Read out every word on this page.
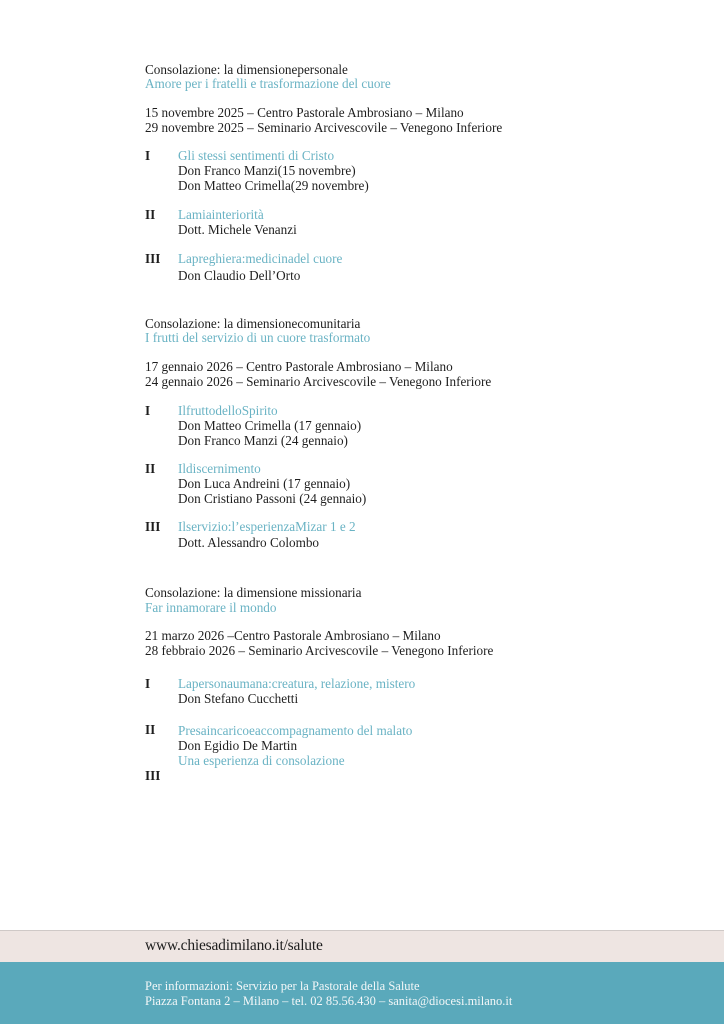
Consolazione: la dimensionepersonale
Amore per i fratelli e trasformazione del cuore
15 novembre 2025 – Centro Pastorale Ambrosiano – Milano
29 novembre 2025 – Seminario Arcivescovile – Venegono Inferiore
I Gli stessi sentimenti di Cristo
Don Franco Manzi(15 novembre)
Don Matteo Crimella(29 novembre)
II Lamiainteriorità
Dott. Michele Venanzi
III Lapreghiera:medicinadel cuore
Don Claudio Dell’Orto
Consolazione: la dimensionecomunitaria
I frutti del servizio di un cuore trasformato
17 gennaio 2026 – Centro Pastorale Ambrosiano – Milano
24 gennaio 2026 – Seminario Arcivescovile – Venegono Inferiore
I IlfruttodelloSpirito
Don Matteo Crimella (17 gennaio)
Don Franco Manzi (24 gennaio)
II Ildiscernimento
Don Luca Andreini (17 gennaio)
Don Cristiano Passoni (24 gennaio)
III Ilservizio:l’esperienzaMizar 1 e 2
Dott. Alessandro Colombo
Consolazione: la dimensione missionaria
Far innamorare il mondo
21 marzo 2026 –Centro Pastorale Ambrosiano – Milano
28 febbraio 2026 – Seminario Arcivescovile – Venegono Inferiore
I Lapersonaumana:creatura, relazione, mistero
Don Stefano Cucchetti
II Presaincaricoeaccompagnamento del malato
Don Egidio De Martin
Una esperienza di consolazione
III
www.chiesadimilano.it/salute
Per informazioni: Servizio per la Pastorale della Salute
Piazza Fontana 2 – Milano – tel. 02 85.56.430 – sanita@diocesi.milano.it
